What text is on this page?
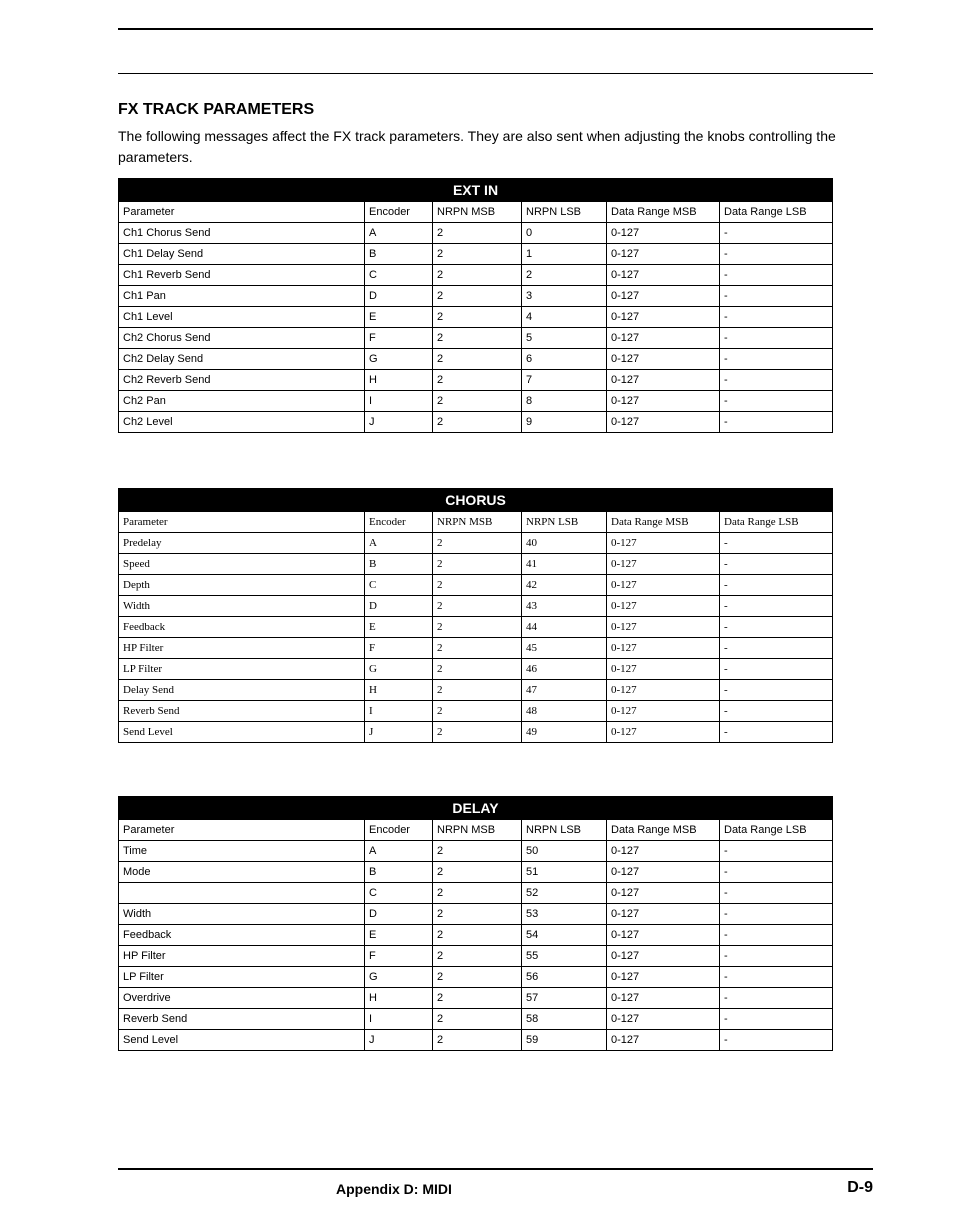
FX TRACK PARAMETERS

The following messages affect the FX track parameters. They are also sent when adjusting the knobs controlling the parameters.

EXT IN					
Parameter	Encoder	NRPN MSB	NRPN LSB	Data Range MSB	Data Range LSB
Ch1 Chorus Send	A	2	0	0-127	-
Ch1 Delay Send	B	2	1	0-127	-
Ch1 Reverb Send	C	2	2	0-127	-
Ch1 Pan	D	2	3	0-127	-
Ch1 Level	E	2	4	0-127	-
Ch2 Chorus Send	F	2	5	0-127	-
Ch2 Delay Send	G	2	6	0-127	-
Ch2 Reverb Send	H	2	7	0-127	-
Ch2 Pan	I	2	8	0-127	-
Ch2 Level	J	2	9	0-127	-
CHORUS					
Parameter	Encoder	NRPN MSB	NRPN LSB	Data Range MSB	Data Range LSB
Predelay	A	2	40	0-127	-
Speed	B	2	41	0-127	-
Depth	C	2	42	0-127	-
Width	D	2	43	0-127	-
Feedback	E	2	44	0-127	-
HP Filter	F	2	45	0-127	-
LP Filter	G	2	46	0-127	-
Delay Send	H	2	47	0-127	-
Reverb Send	I	2	48	0-127	-
Send Level	J	2	49	0-127	-
DELAY					
Parameter	Encoder	NRPN MSB	NRPN LSB	Data Range MSB	Data Range LSB
Time	A	2	50	0-127	-
Mode	B	2	51	0-127	-
	C	2	52	0-127	-
Width	D	2	53	0-127	-
Feedback	E	2	54	0-127	-
HP Filter	F	2	55	0-127	-
LP Filter	G	2	56	0-127	-
Overdrive	H	2	57	0-127	-
Reverb Send	I	2	58	0-127	-
Send Level	J	2	59	0-127	-
Appendix D: MIDI	D-9
